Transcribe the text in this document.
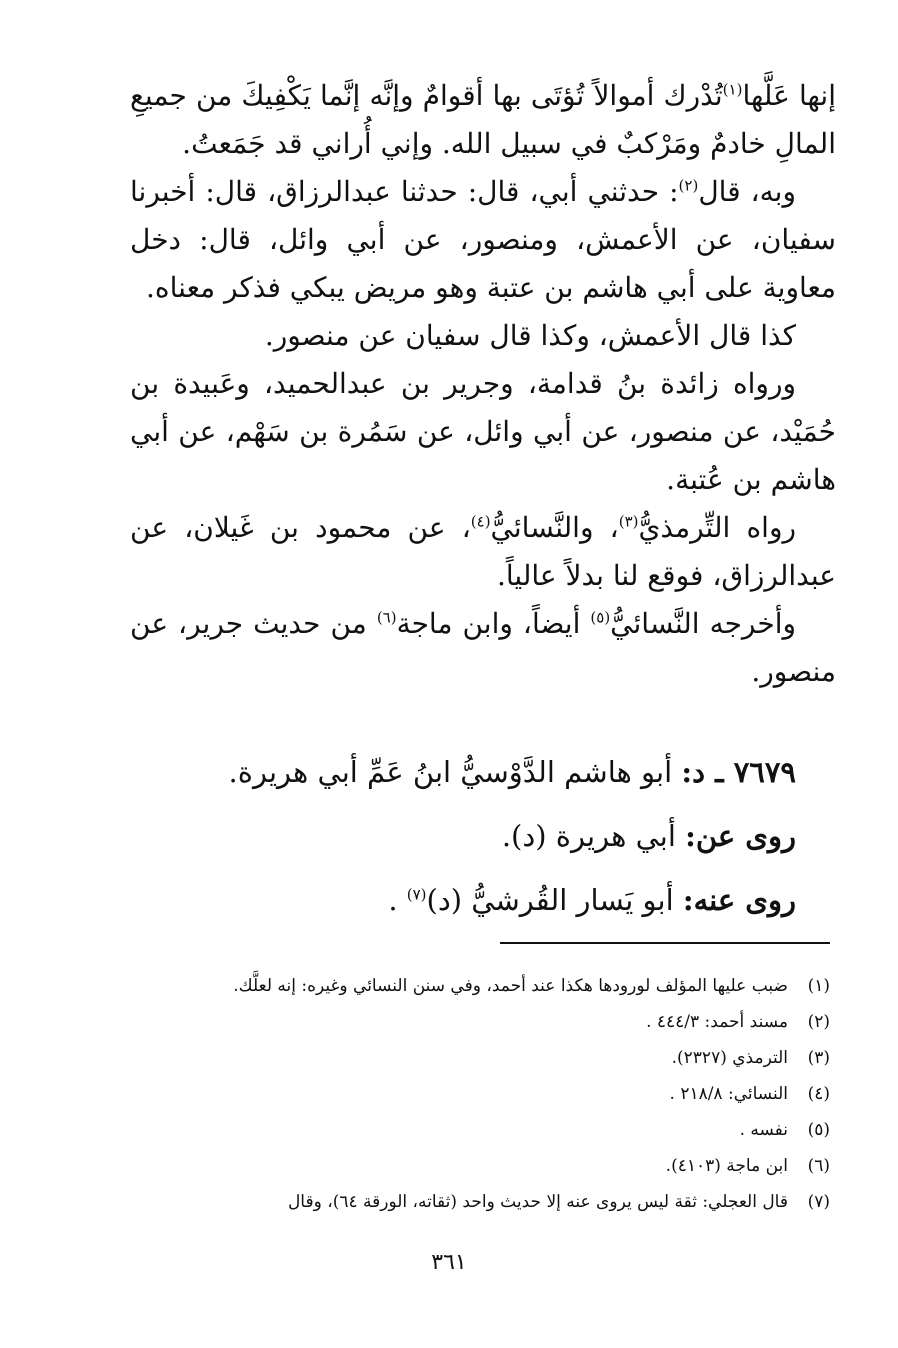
إنها عَلَّها$^{(١)}$تُدْرك أموالاً تُؤتَى بها أقوامٌ وإنَّه إنَّما يَكْفِيكَ من جميعِ المالِ خادمٌ ومَرْكبٌ في سبيل الله. وإني أُراني قد جَمَعتُ.

وبه، قال$^{(٢)}$: حدثني أبي، قال: حدثنا عبدالرزاق، قال: أخبرنا سفيان، عن الأعمش، ومنصور، عن أبي وائل، قال: دخل معاوية على أبي هاشم بن عتبة وهو مريض يبكي فذكر معناه.

كذا قال الأعمش، وكذا قال سفيان عن منصور.

ورواه زائدة بنُ قدامة، وجرير بن عبدالحميد، وعَبيدة بن حُمَيْد، عن منصور، عن أبي وائل، عن سَمُرة بن سَهْم، عن أبي هاشم بن عُتبة.

رواه التِّرمذيُّ$^{(٣)}$، والنَّسائيُّ$^{(٤)}$، عن محمود بن غَيلان، عن عبدالرزاق، فوقع لنا بدلاً عالياً.

وأخرجه النَّسائيُّ$^{(٥)}$ أيضاً، وابن ماجة$^{(٦)}$ من حديث جرير، عن منصور.

٧٦٧٩ ـ د: أبو هاشم الدَّوْسيُّ ابنُ عَمِّ أبي هريرة.

روى عن: أبي هريرة (د).

روى عنه: أبو يَسار القُرشيُّ (د)$^{(٧)}$ .

(١)
ضبب عليها المؤلف لورودها هكذا عند أحمد، وفي سنن النسائي وغيره: إنه لعلَّك.
(٢)
مسند أحمد: ٤٤٤/٣ .
(٣)
الترمذي (٢٣٢٧).
(٤)
النسائي: ٢١٨/٨ .
(٥)
نفسه .
(٦)
ابن ماجة (٤١٠٣).
(٧)
قال العجلي: ثقة ليس يروى عنه إلا حديث واحد (ثقاته، الورقة ٦٤)، وقال
٣٦١
